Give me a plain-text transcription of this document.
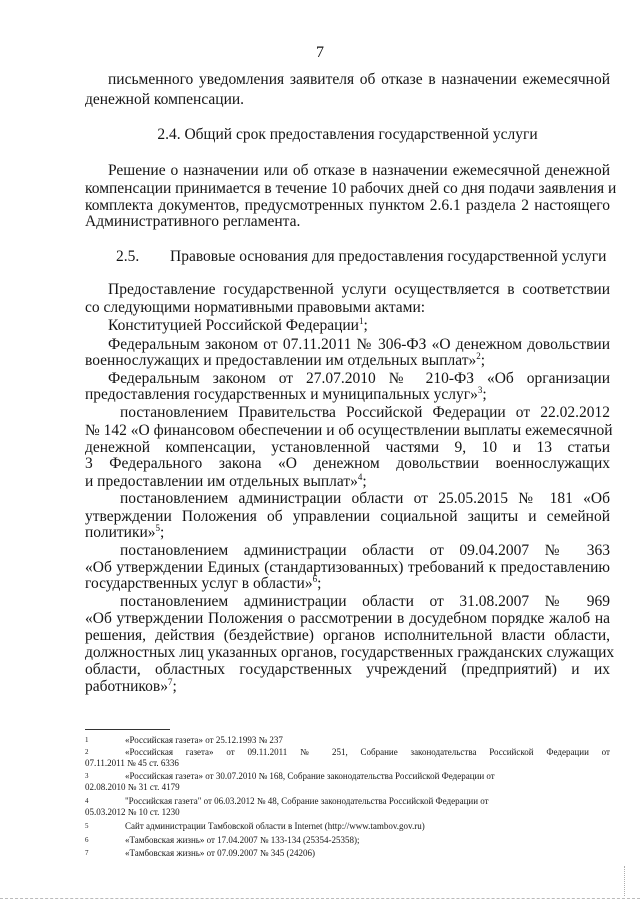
7
письменного уведомления заявителя об отказе в назначении ежемесячной
денежной компенсации.
2.4. Общий срок предоставления государственной услуги
Решение о назначении или об отказе в назначении ежемесячной денежной
компенсации принимается в течение 10 рабочих дней со дня подачи заявления и
комплекта документов, предусмотренных пунктом 2.6.1 раздела 2 настоящего
Административного регламента.
2.5.	Правовые основания для предоставления государственной услуги
Предоставление государственной услуги осуществляется в соответствии
со следующими нормативными правовыми актами:
Конституцией Российской Федерации$^1$;
Федеральным законом от 07.11.2011 № 306-ФЗ «О денежном довольствии
военнослужащих и предоставлении им отдельных выплат»$^2$;
Федеральным законом от 27.07.2010 № 210-ФЗ «Об организации
предоставления государственных и муниципальных услуг»$^3$;
постановлением Правительства Российской Федерации от 22.02.2012
№ 142 «О финансовом обеспечении и об осуществлении выплаты ежемесячной
денежной компенсации, установленной частями 9, 10 и 13 статьи
3 Федерального закона «О денежном довольствии военнослужащих
и предоставлении им отдельных выплат»$^4$;
постановлением администрации области от 25.05.2015 № 181 «Об
утверждении Положения об управлении социальной защиты и семейной
политики»$^5$;
постановлением администрации области от 09.04.2007 № 363
«Об утверждении Единых (стандартизованных) требований к предоставлению
государственных услуг в области»$^6$;
постановлением администрации области от 31.08.2007 № 969
«Об утверждении Положения о рассмотрении в досудебном порядке жалоб на
решения, действия (бездействие) органов исполнительной власти области,
должностных лиц указанных органов, государственных гражданских служащих
области, областных государственных учреждений (предприятий) и их
работников»$^7$;
1	«Российская газета» от 25.12.1993 № 237
2	«Российская газета» от 09.11.2011 № 251, Собрание законодательства Российской Федерации от
07.11.2011 № 45 ст. 6336
3	«Российская газета» от 30.07.2010 № 168, Собрание законодательства Российской Федерации от
02.08.2010 № 31 ст. 4179
4	"Российская газета" от 06.03.2012 № 48, Собрание законодательства Российской Федерации от
05.03.2012 № 10 ст. 1230
5	Сайт администрации Тамбовской области в Internet (http://www.tambov.gov.ru)
6	«Тамбовская жизнь» от 17.04.2007 № 133-134 (25354-25358);
7	«Тамбовская жизнь» от 07.09.2007 № 345 (24206)
